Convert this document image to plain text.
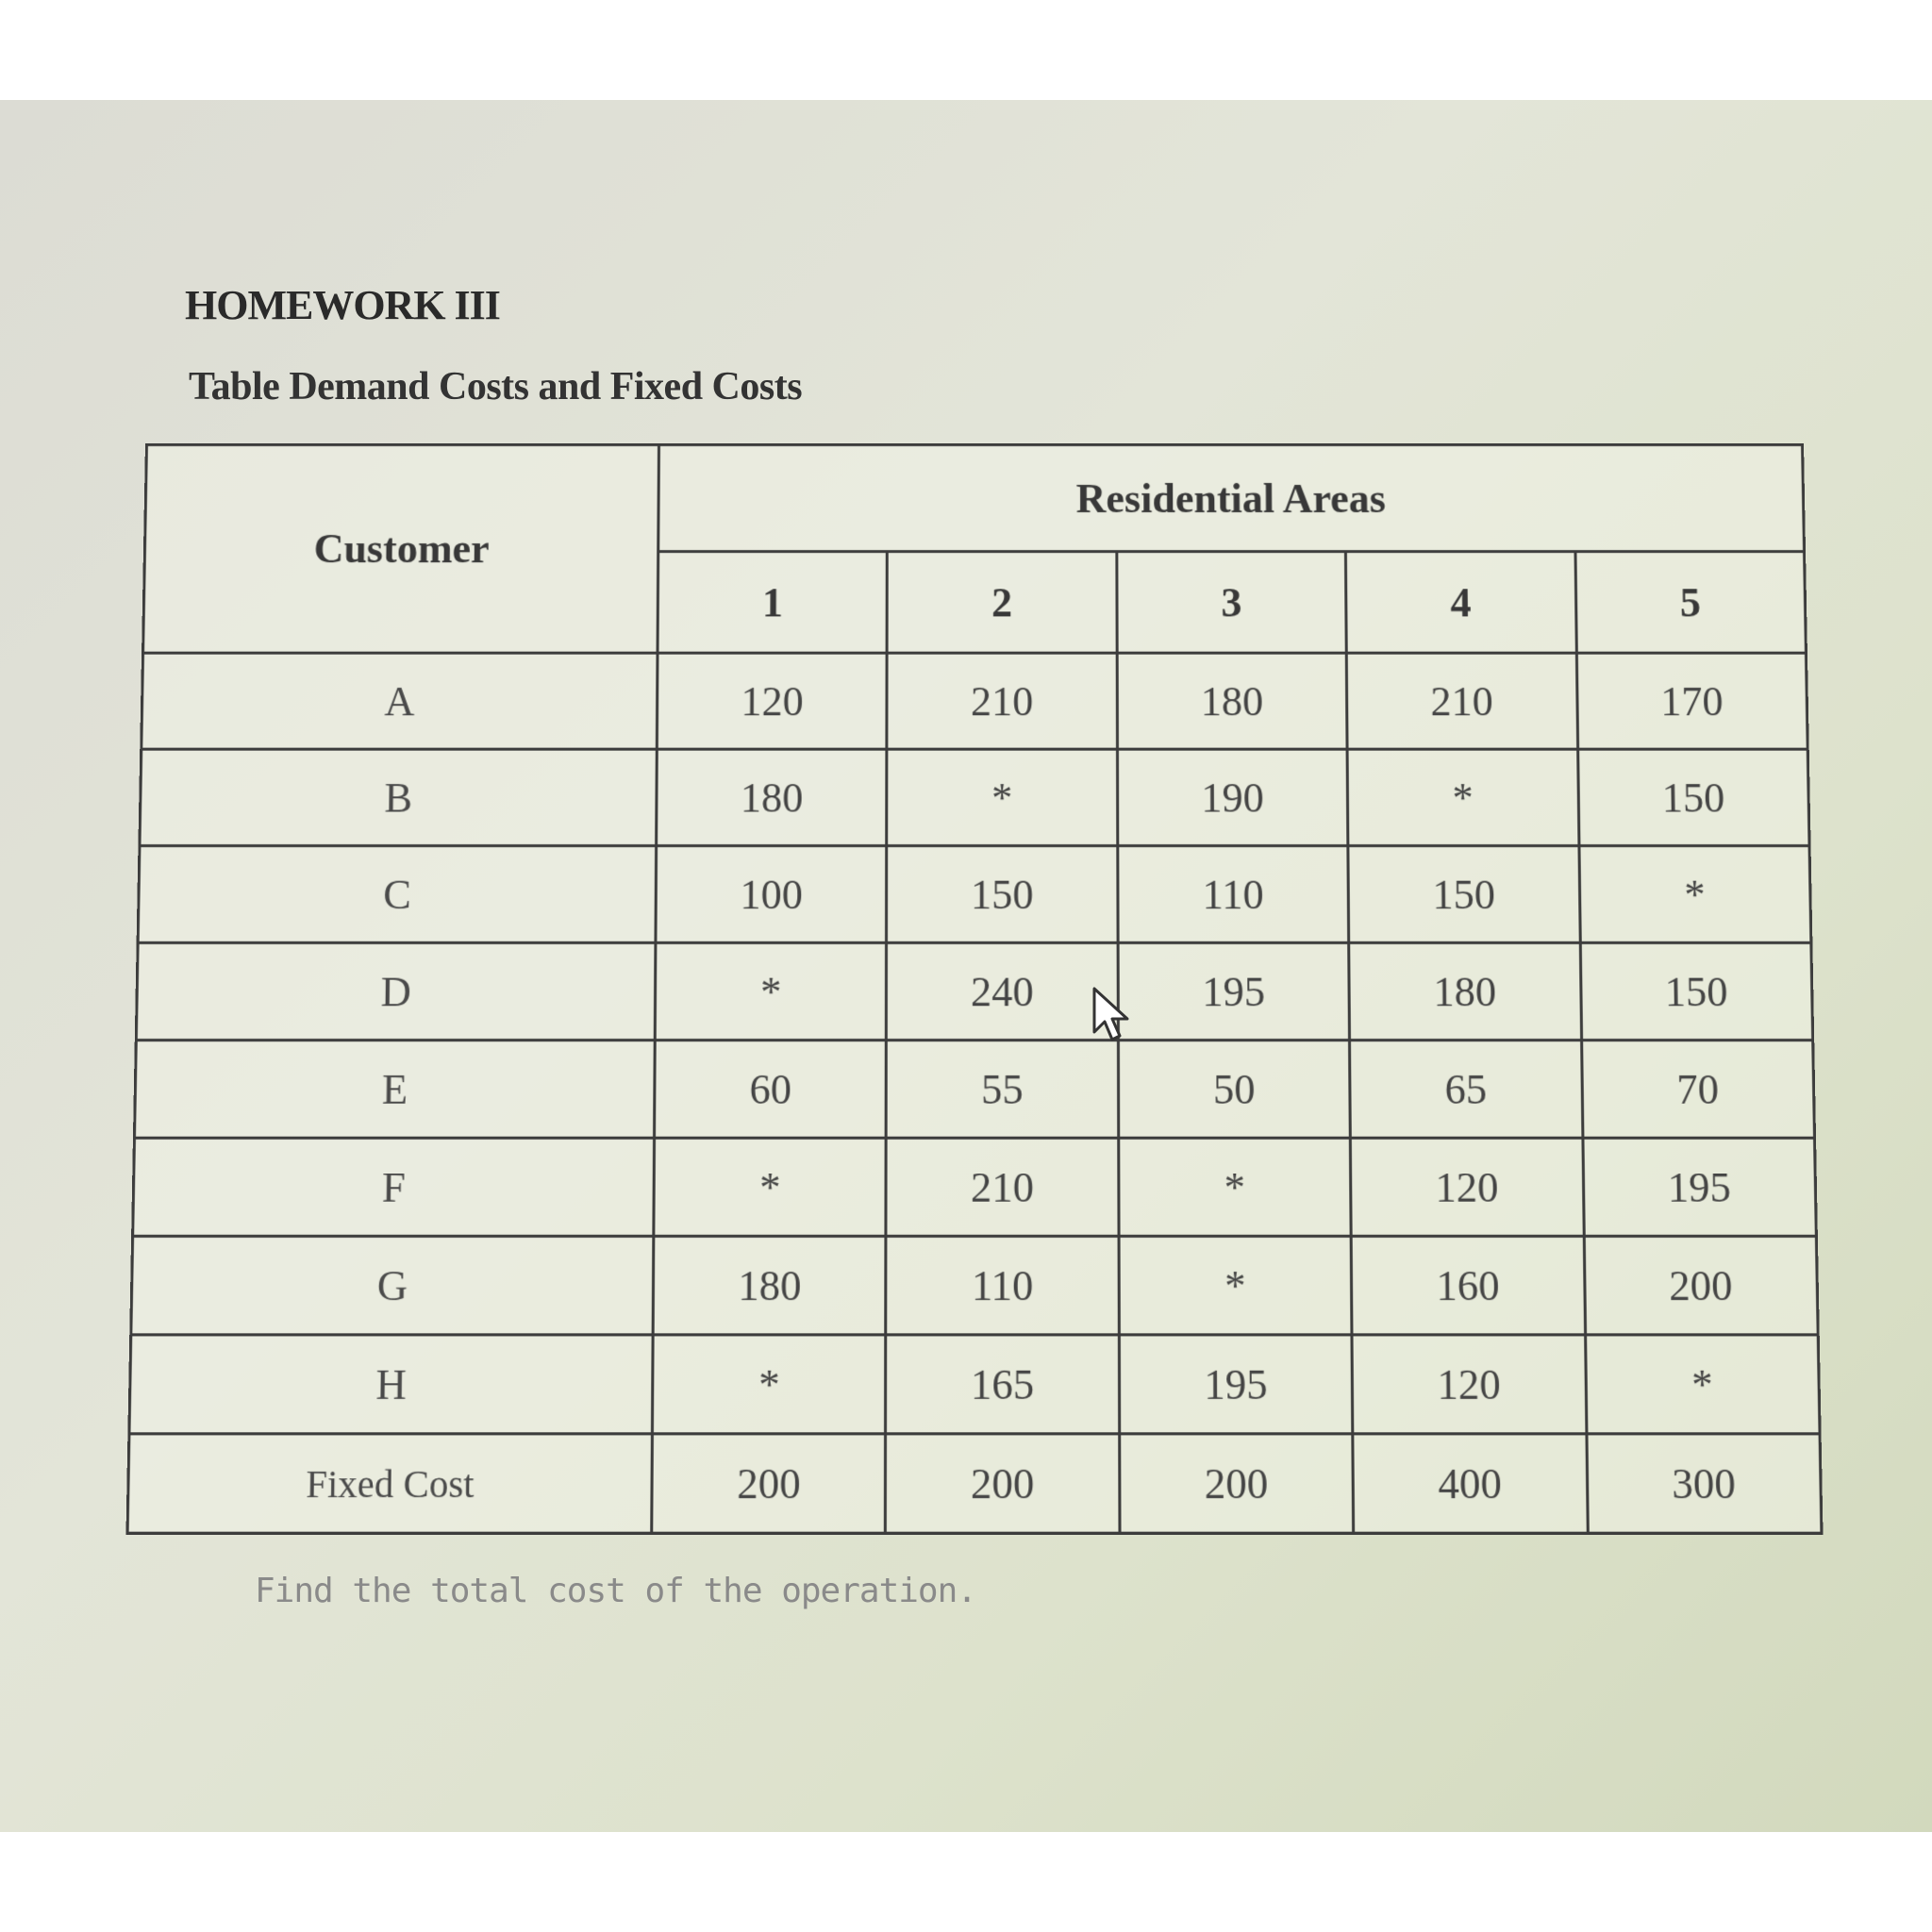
HOMEWORK III
Table Demand Costs and Fixed Costs
Customer	Residential Areas				
	1	2	3	4	5
A	120	210	180	210	170
B	180	*	190	*	150
C	100	150	110	150	*
D	*	240	195	180	150
E	60	55	50	65	70
F	*	210	*	120	195
G	180	110	*	160	200
H	*	165	195	120	*
Fixed Cost	200	200	200	400	300

Find the total cost of the operation.
